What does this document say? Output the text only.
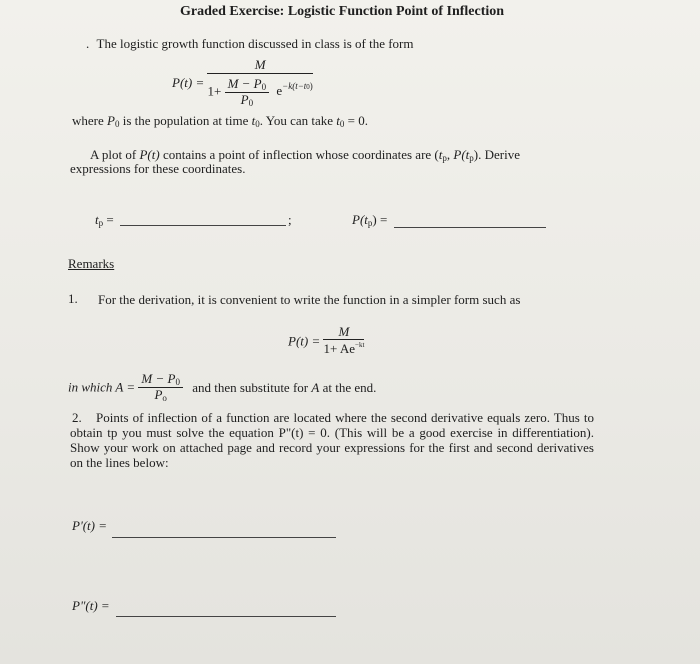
Graded Exercise: Logistic Function Point of Inflection
. The logistic growth function discussed in class is of the form
P(t) =
M
$1+ \frac{M - P0}{P0} e^{-k(t-t0)}$
where P0 is the population at time t0. You can take t0 = 0.
A plot of P(t) contains a point of inflection whose coordinates are (tp, P(tp). Derive
expressions for these coordinates.
tp =	;	P(tp) =
Remarks
1. For the derivation, it is convenient to write the function in a simpler form such as
$P(t) = \frac{M}{1+ Ae^{-kt}}$
in which $A = \frac{M - P0}{Po}$ and then substitute for A at the end.
2.	Points of inflection of a function are located where the second derivative equals zero. Thus to obtain tp you must solve the equation P"(t) = 0. (This will be a good exercise in differentiation). Show your work on attached page and record your expressions for the first and second derivatives on the lines below:
P'(t) =
P"(t) =
